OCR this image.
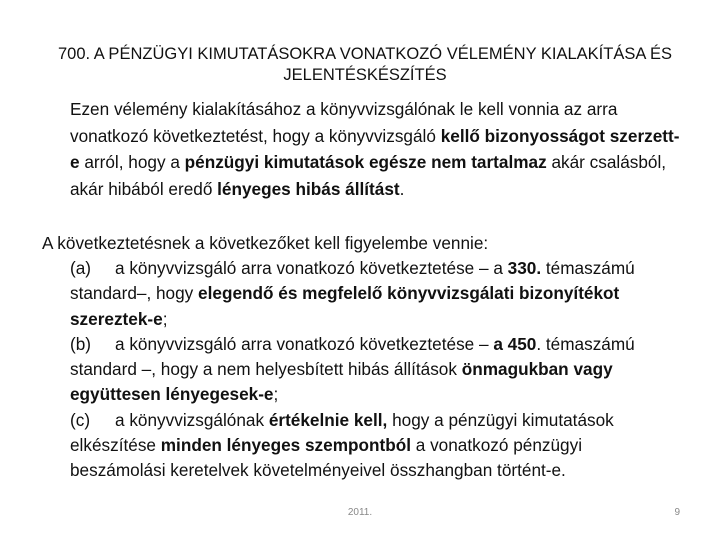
700. A PÉNZÜGYI KIMUTATÁSOKRA VONATKOZÓ VÉLEMÉNY KIALAKÍTÁSA ÉS
JELENTÉSKÉSZÍTÉS
Ezen vélemény kialakításához a könyvvizsgálónak le kell vonnia az arra vonatkozó következtetést, hogy a könyvvizsgáló kellő bizonyosságot szerzett-e arról, hogy a pénzügyi kimutatások egésze nem tartalmaz akár csalásból, akár hibából eredő lényeges hibás állítást.
A következtetésnek a következőket kell figyelembe vennie:

(a) a könyvvizsgáló arra vonatkozó következtetése – a 330. témaszámú standard–, hogy elegendő és megfelelő könyvvizsgálati bizonyítékot szereztek-e;

(b) a könyvvizsgáló arra vonatkozó következtetése – a 450. témaszámú standard –, hogy a nem helyesbített hibás állítások önmagukban vagy együttesen lényegesek-e;

(c) a könyvvizsgálónak értékelnie kell, hogy a pénzügyi kimutatások elkészítése minden lényeges szempontból a vonatkozó pénzügyi beszámolási keretelvek követelményeivel összhangban történt-e.

2011.	9
